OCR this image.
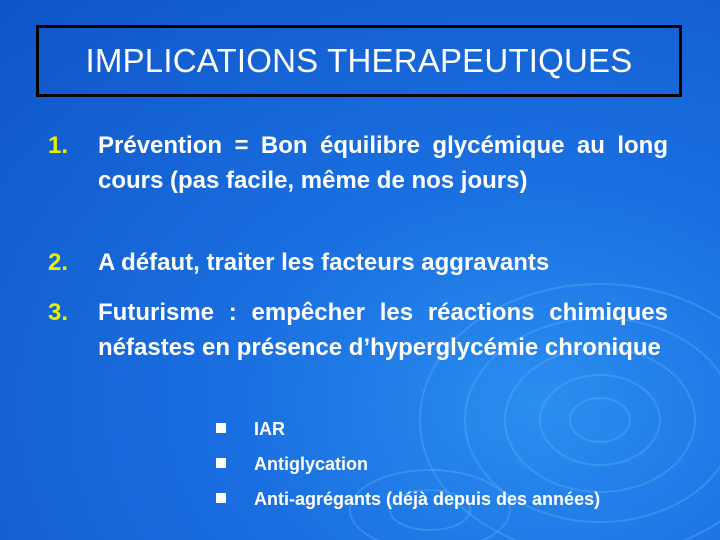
IMPLICATIONS THERAPEUTIQUES
1. Prévention = Bon équilibre glycémique au long cours (pas facile, même de nos jours)
2. A défaut, traiter les facteurs aggravants
3. Futurisme : empêcher les réactions chimiques néfastes en présence d’hyperglycémie chronique
IAR
Antiglycation
Anti-agrégants (déjà depuis des années)
